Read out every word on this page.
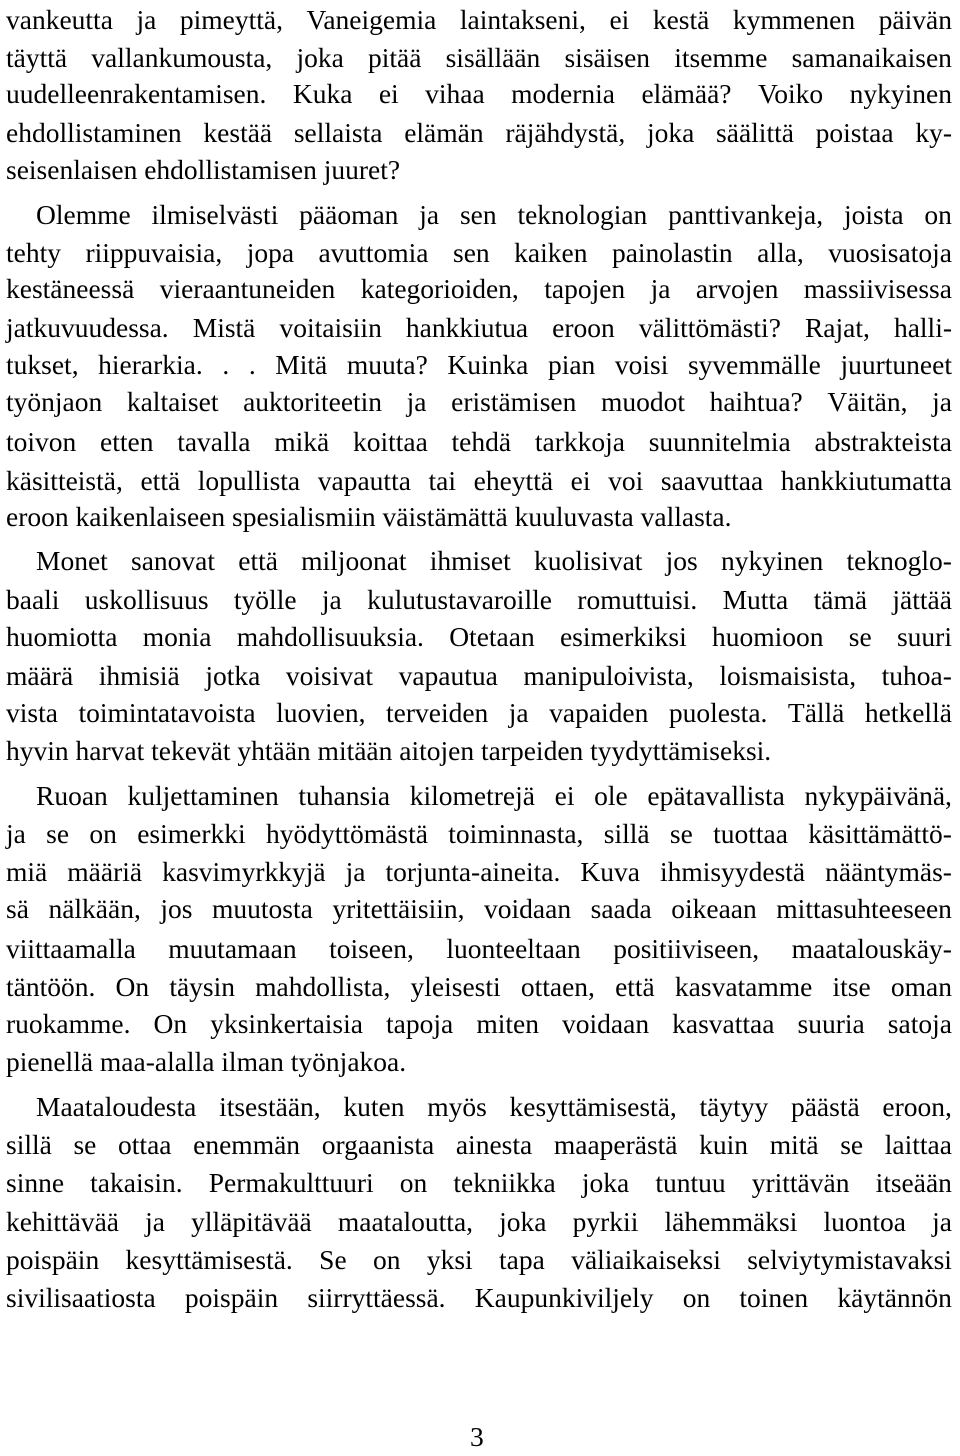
vankeutta ja pimeyttä, Vaneigemia laintakseni, ei kestä kymmenen päivän
täyttä vallankumousta, joka pitää sisällään sisäisen itsemme samanaikaisen
uudelleenrakentamisen. Kuka ei vihaa modernia elämää? Voiko nykyinen
ehdollistaminen kestää sellaista elämän räjähdystä, joka säälittä poistaa ky-
seisenlaisen ehdollistamisen juuret?
Olemme ilmiselvästi pääoman ja sen teknologian panttivankeja, joista on
tehty riippuvaisia, jopa avuttomia sen kaiken painolastin alla, vuosisatoja
kestäneessä vieraantuneiden kategorioiden, tapojen ja arvojen massiivisessa
jatkuvuudessa. Mistä voitaisiin hankkiutua eroon välittömästi? Rajat, halli-
tukset, hierarkia. . . Mitä muuta? Kuinka pian voisi syvemmälle juurtuneet
työnjaon kaltaiset auktoriteetin ja eristämisen muodot haihtua? Väitän, ja
toivon etten tavalla mikä koittaa tehdä tarkkoja suunnitelmia abstrakteista
käsitteistä, että lopullista vapautta tai eheyttä ei voi saavuttaa hankkiutumatta
eroon kaikenlaiseen spesialismiin väistämättä kuuluvasta vallasta.
Monet sanovat että miljoonat ihmiset kuolisivat jos nykyinen teknoglo-
baali uskollisuus työlle ja kulutustavaroille romuttuisi. Mutta tämä jättää
huomiotta monia mahdollisuuksia. Otetaan esimerkiksi huomioon se suuri
määrä ihmisiä jotka voisivat vapautua manipuloivista, loismaisista, tuhoa-
vista toimintatavoista luovien, terveiden ja vapaiden puolesta. Tällä hetkellä
hyvin harvat tekevät yhtään mitään aitojen tarpeiden tyydyttämiseksi.
Ruoan kuljettaminen tuhansia kilometrejä ei ole epätavallista nykypäivänä,
ja se on esimerkki hyödyttömästä toiminnasta, sillä se tuottaa käsittämättö-
miä määriä kasvimyrkkyjä ja torjunta-aineita. Kuva ihmisyydestä nääntymäs-
sä nälkään, jos muutosta yritettäisiin, voidaan saada oikeaan mittasuhteeseen
viittaamalla muutamaan toiseen, luonteeltaan positiiviseen, maatalouskäy-
täntöön. On täysin mahdollista, yleisesti ottaen, että kasvatamme itse oman
ruokamme. On yksinkertaisia tapoja miten voidaan kasvattaa suuria satoja
pienellä maa-alalla ilman työnjakoa.
Maataloudesta itsestään, kuten myös kesyttämisestä, täytyy päästä eroon,
sillä se ottaa enemmän orgaanista ainesta maaperästä kuin mitä se laittaa
sinne takaisin. Permakulttuuri on tekniikka joka tuntuu yrittävän itseään
kehittävää ja ylläpitävää maataloutta, joka pyrkii lähemmäksi luontoa ja
poispäin kesyttämisestä. Se on yksi tapa väliaikaiseksi selviytymistavaksi
sivilisaatiosta poispäin siirryttäessä. Kaupunkiviljely on toinen käytännön
3
